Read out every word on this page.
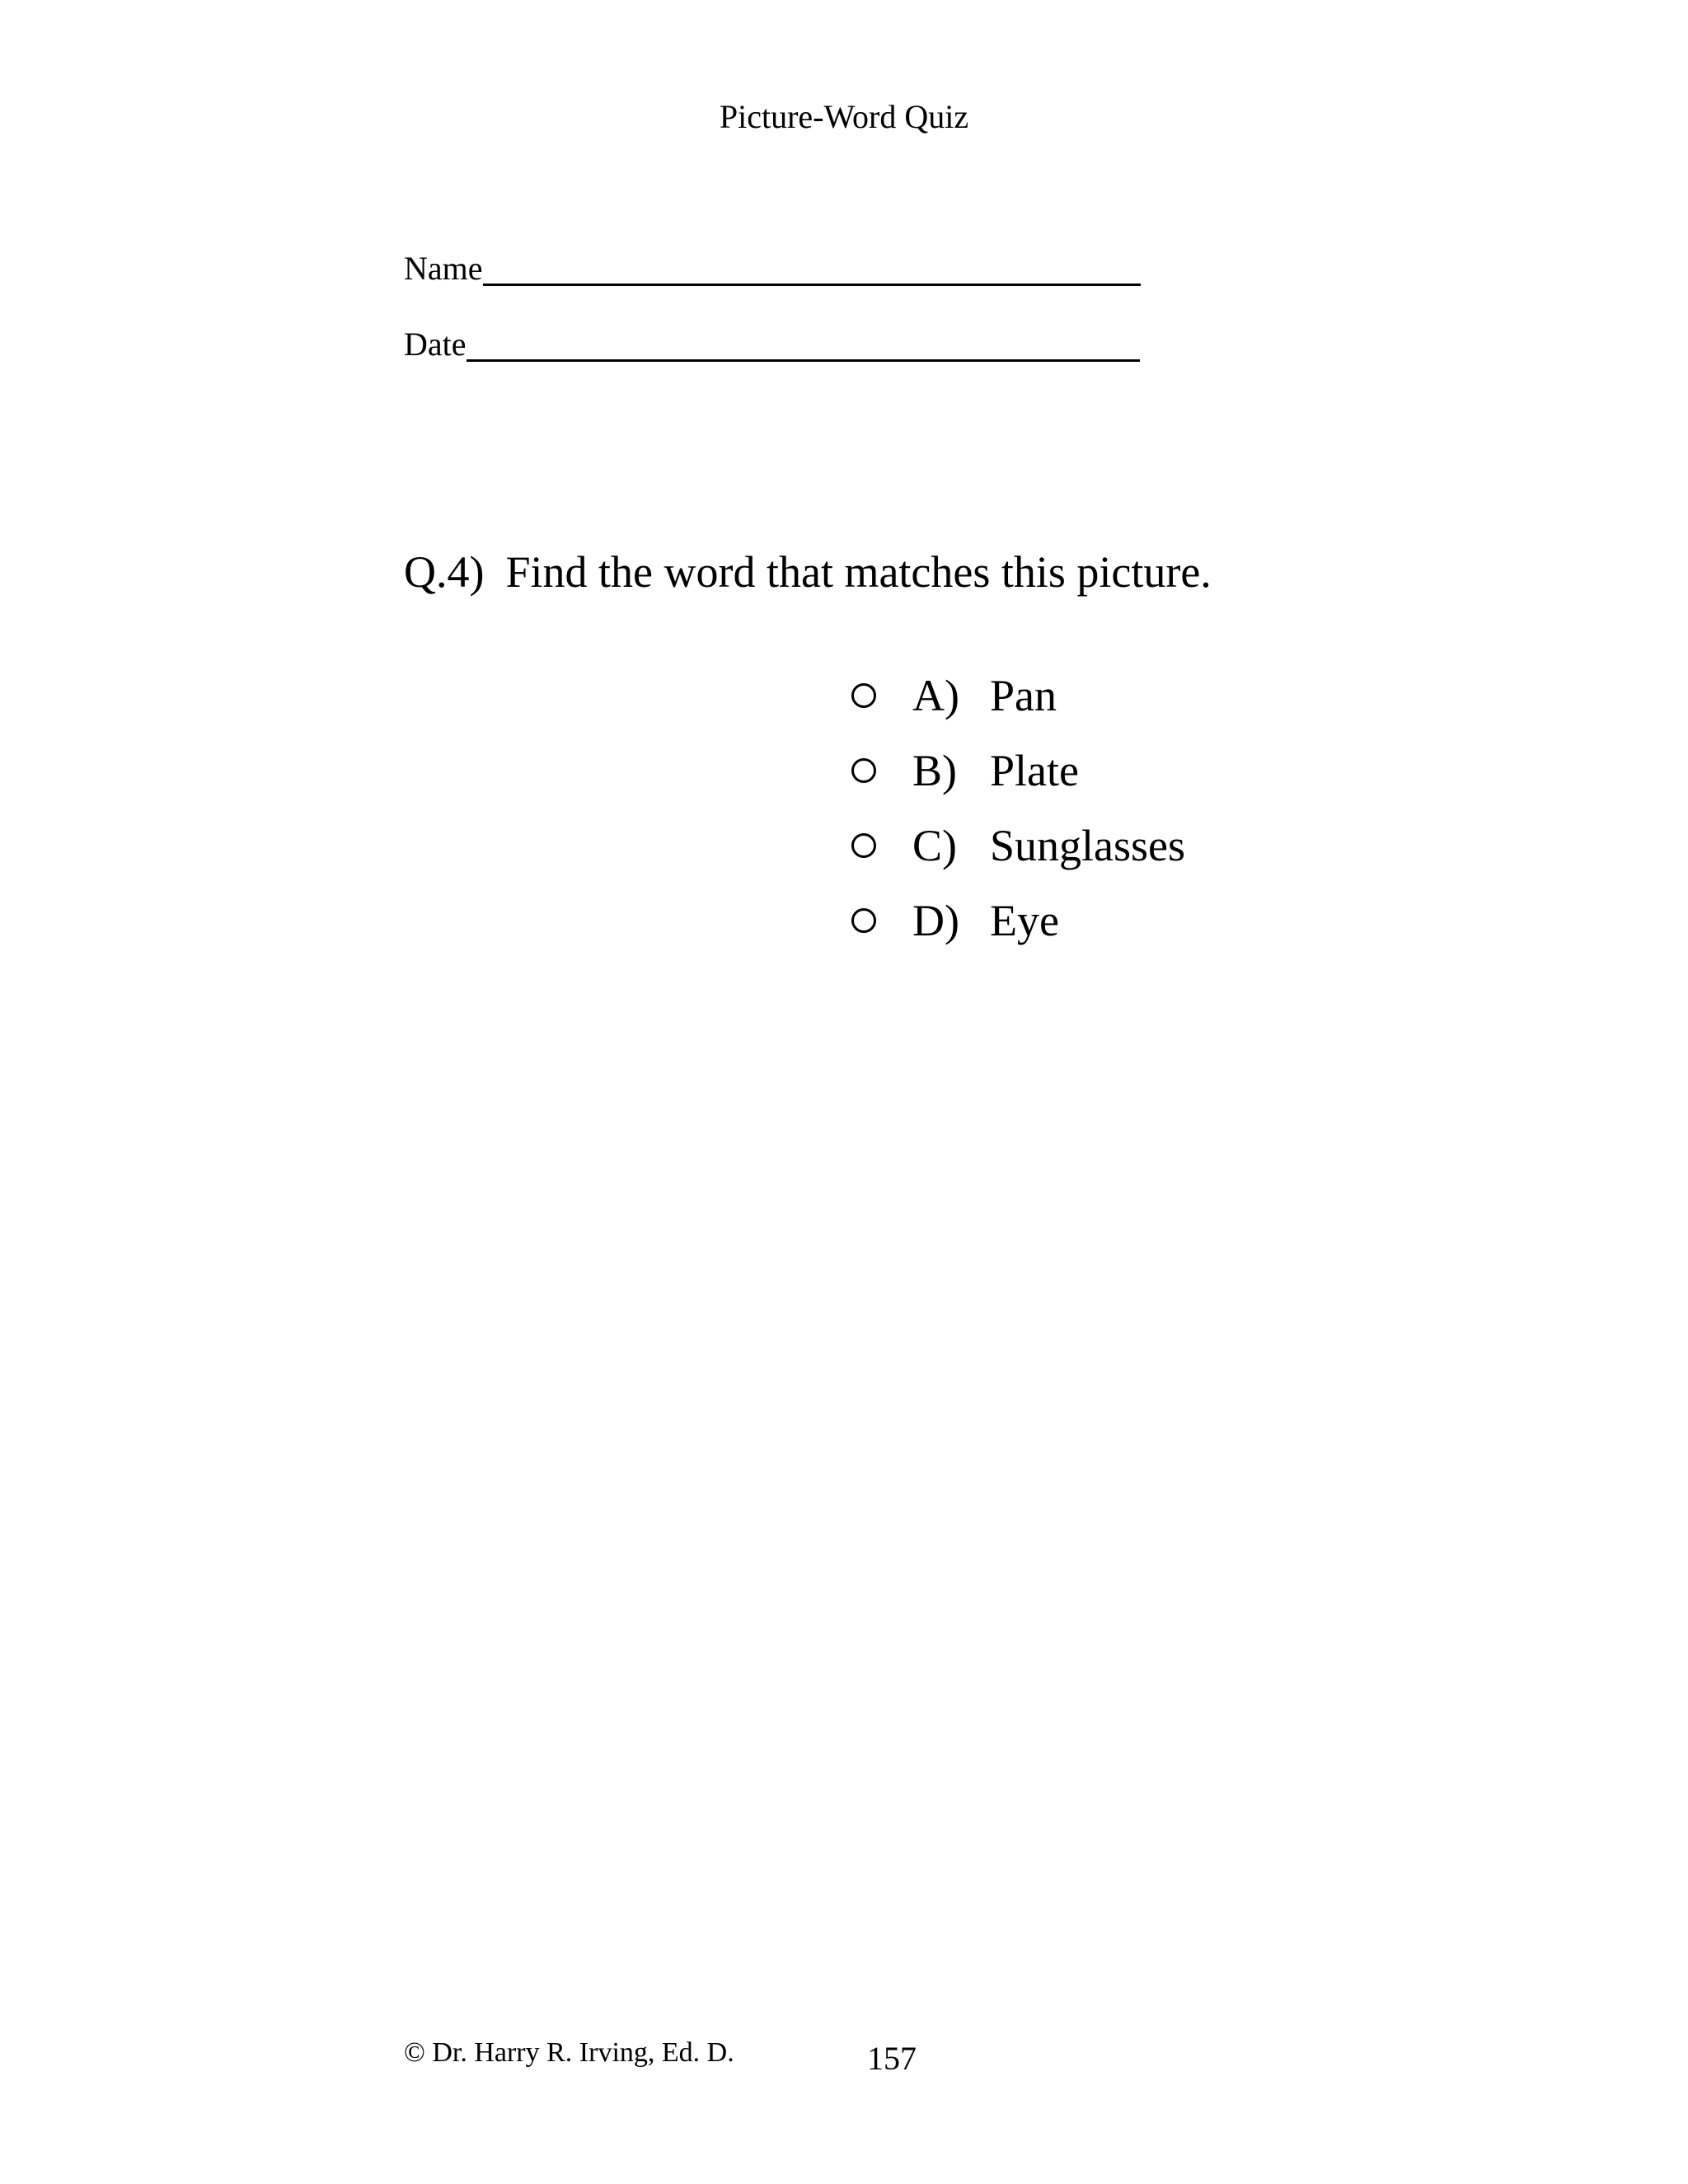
Picture-Word Quiz
Name
Date
Q.4) Find the word that matches this picture.
A) Pan
B) Plate
C) Sunglasses
D) Eye
© Dr. Harry R. Irving, Ed. D.	157
